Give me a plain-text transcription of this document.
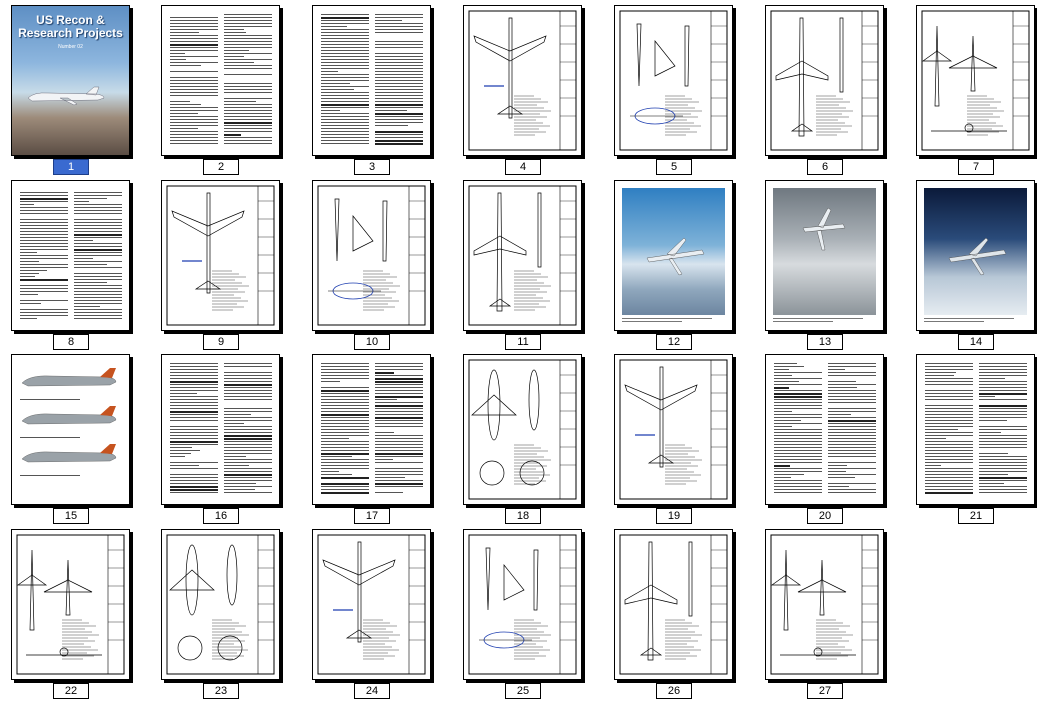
US Recon &
Research Projects
Number 02
1	2	3	4	5	6	7
8	9	10	11	12	13	14
15	16	17	18	19	20	21
22	23	24	25	26	27
